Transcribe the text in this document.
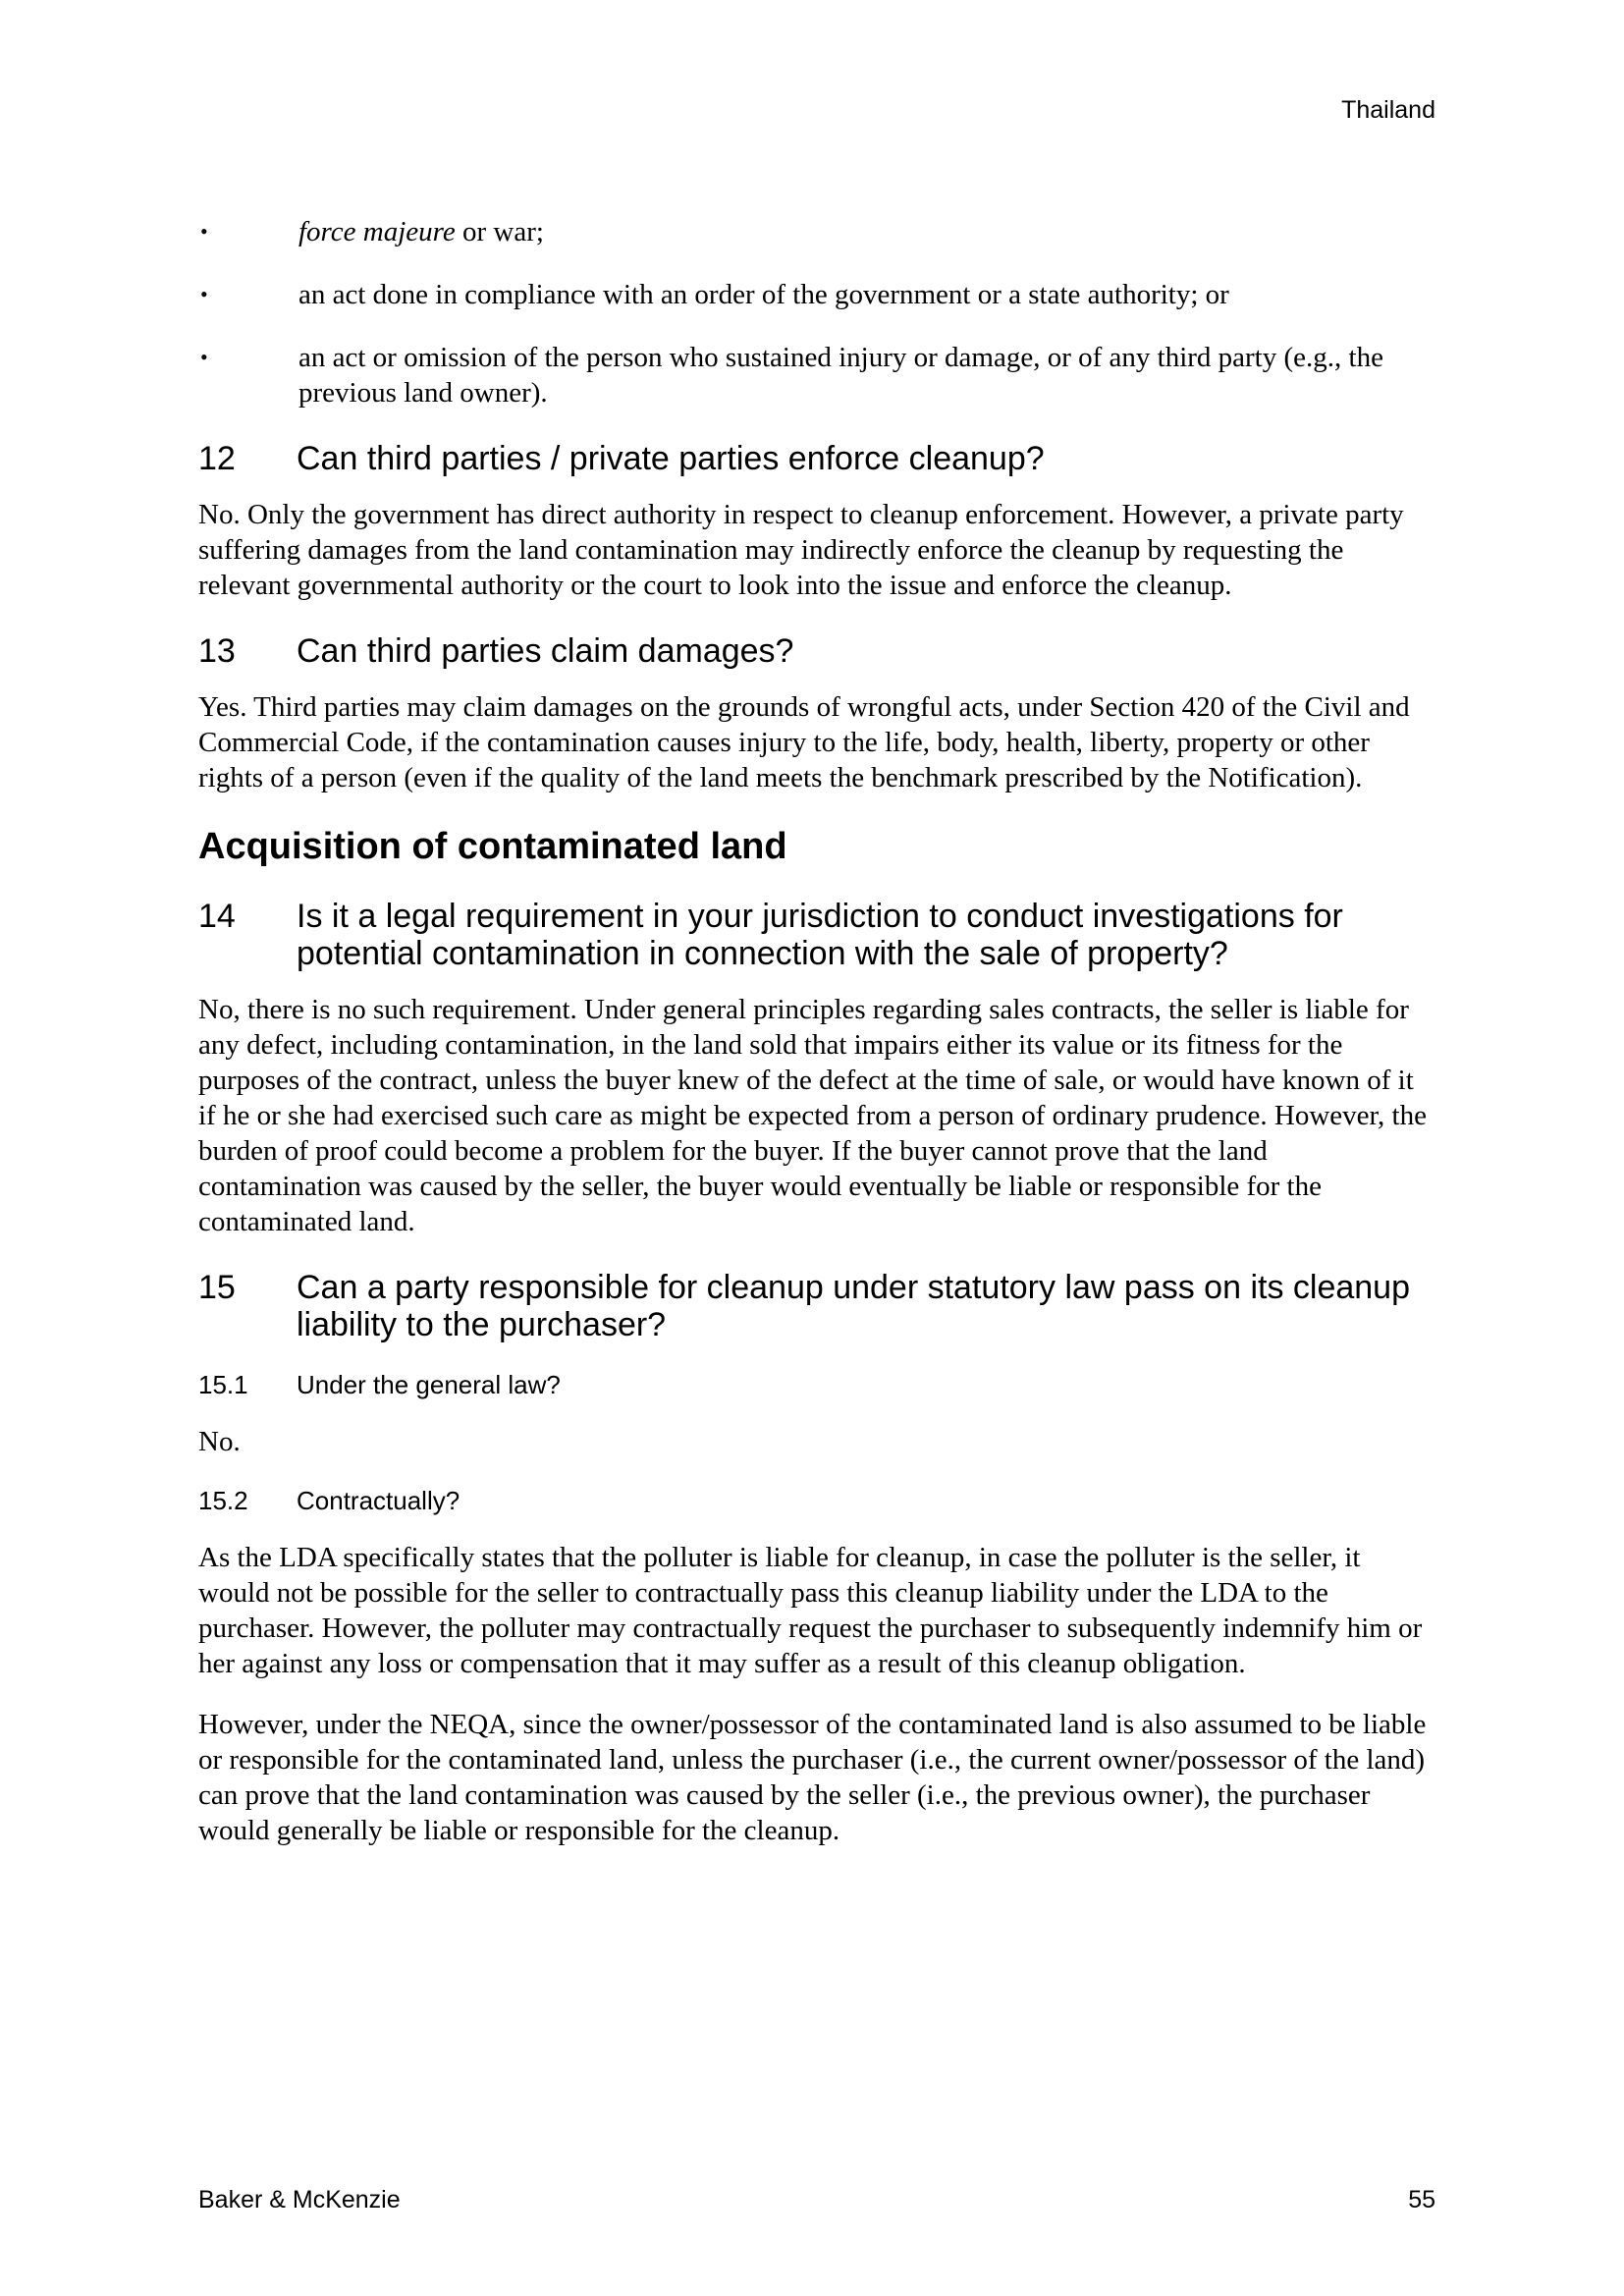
Thailand
•	force majeure or war;
•	an act done in compliance with an order of the government or a state authority; or
•	an act or omission of the person who sustained injury or damage, or of any third party (e.g., the previous land owner).
12	Can third parties / private parties enforce cleanup?

No. Only the government has direct authority in respect to cleanup enforcement. However, a private party suffering damages from the land contamination may indirectly enforce the cleanup by requesting the relevant governmental authority or the court to look into the issue and enforce the cleanup.

13	Can third parties claim damages?

Yes. Third parties may claim damages on the grounds of wrongful acts, under Section 420 of the Civil and Commercial Code, if the contamination causes injury to the life, body, health, liberty, property or other rights of a person (even if the quality of the land meets the benchmark prescribed by the Notification).

Acquisition of contaminated land
14	Is it a legal requirement in your jurisdiction to conduct investigations for potential contamination in connection with the sale of property?

No, there is no such requirement. Under general principles regarding sales contracts, the seller is liable for any defect, including contamination, in the land sold that impairs either its value or its fitness for the purposes of the contract, unless the buyer knew of the defect at the time of sale, or would have known of it if he or she had exercised such care as might be expected from a person of ordinary prudence. However, the burden of proof could become a problem for the buyer. If the buyer cannot prove that the land contamination was caused by the seller, the buyer would eventually be liable or responsible for the contaminated land.

15	Can a party responsible for cleanup under statutory law pass on its cleanup liability to the purchaser?
15.1	Under the general law?

No.

15.2	Contractually?

As the LDA specifically states that the polluter is liable for cleanup, in case the polluter is the seller, it would not be possible for the seller to contractually pass this cleanup liability under the LDA to the purchaser. However, the polluter may contractually request the purchaser to subsequently indemnify him or her against any loss or compensation that it may suffer as a result of this cleanup obligation.

However, under the NEQA, since the owner/possessor of the contaminated land is also assumed to be liable or responsible for the contaminated land, unless the purchaser (i.e., the current owner/possessor of the land) can prove that the land contamination was caused by the seller (i.e., the previous owner), the purchaser would generally be liable or responsible for the cleanup.

Baker & McKenzie	55
